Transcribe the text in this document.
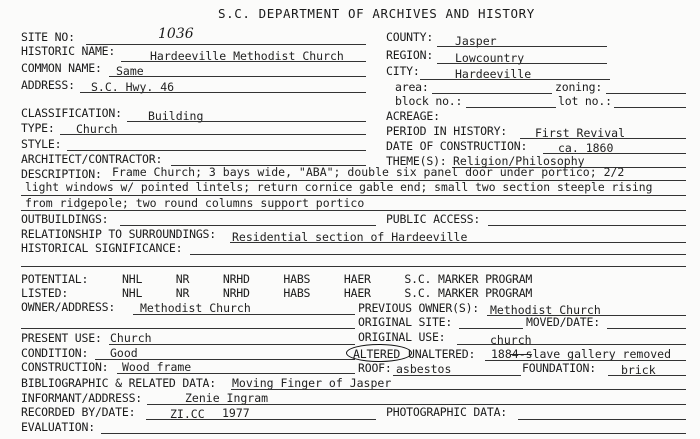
S.C. DEPARTMENT OF ARCHIVES AND HISTORY
SITE NO:	1036	COUNTY: Jasper
HISTORIC NAME:	Hardeeville Methodist Church	REGION: Lowcountry
COMMON NAME: Same	CITY:	Hardeeville
ADDRESS: S.C. Hwy. 46	area:	zoning:
block no.:	lot no.:
CLASSIFICATION: Building	ACREAGE:
TYPE: Church	PERIOD IN HISTORY: First Revival
STYLE:	DATE OF CONSTRUCTION:	ca. 1860
ARCHITECT/CONTRACTOR:	THEME(S): Religion/Philosophy
DESCRIPTION: Frame Church; 3 bays wide, "ABA"; double six panel door under portico; 2/2
light windows w/ pointed lintels; return cornice gable end; small two section steeple rising
from ridgepole; two round columns support portico
OUTBUILDINGS:	PUBLIC ACCESS:
RELATIONSHIP TO SURROUNDINGS: Residential section of Hardeeville
HISTORICAL SIGNIFICANCE:
POTENTIAL:	NHL     NR     NRHD     HABS     HAER     S.C. MARKER PROGRAM
LISTED:	NHL     NR     NRHD     HABS     HAER     S.C. MARKER PROGRAM
OWNER/ADDRESS: Methodist Church	PREVIOUS OWNER(S): Methodist Church
ORIGINAL SITE:	MOVED/DATE:
PRESENT USE: Church	ORIGINAL USE:	church
CONDITION: Good	ALTERED UNALTERED: 1884-slave gallery removed
CONSTRUCTION: Wood frame	ROOF: asbestos	FOUNDATION: brick
BIBLIOGRAPHIC & RELATED DATA: Moving Finger of Jasper
INFORMANT/ADDRESS:	Zenie Ingram
RECORDED BY/DATE:	ZI.CC 1977	PHOTOGRAPHIC DATA:
EVALUATION:
